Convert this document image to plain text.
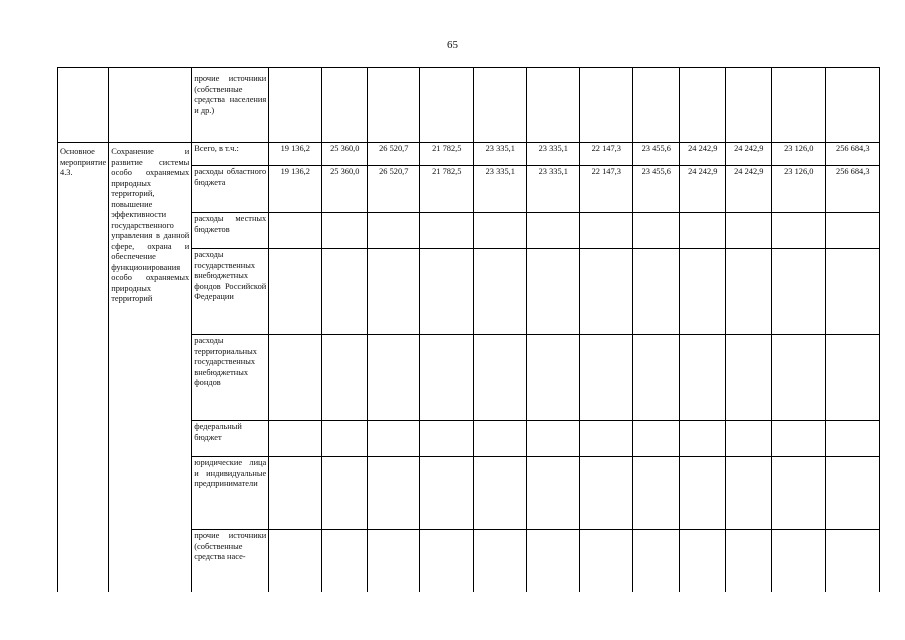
65
		прочие источники (собственные средства населения и др.)												
Основное мероприятие 4.3.	Сохранение и развитие системы особо охраняемых природных территорий, повышение эффективности государственного управления в данной сфере, охрана и обеспечение функционирования особо охраняемых природных территорий	Всего, в т.ч.:	19 136,2	25 360,0	26 520,7	21 782,5	23 335,1	23 335,1	22 147,3	23 455,6	24 242,9	24 242,9	23 126,0	256 684,3
		расходы областного бюджета	19 136,2	25 360,0	26 520,7	21 782,5	23 335,1	23 335,1	22 147,3	23 455,6	24 242,9	24 242,9	23 126,0	256 684,3
		расходы местных бюджетов												
		расходы государственных внебюджетных фондов Российской Федерации												
		расходы территориальных государственных внебюджетных фондов												
		федеральный бюджет												
		юридические лица и индивидуальные предприниматели												
		прочие источники (собственные средства насе-												
